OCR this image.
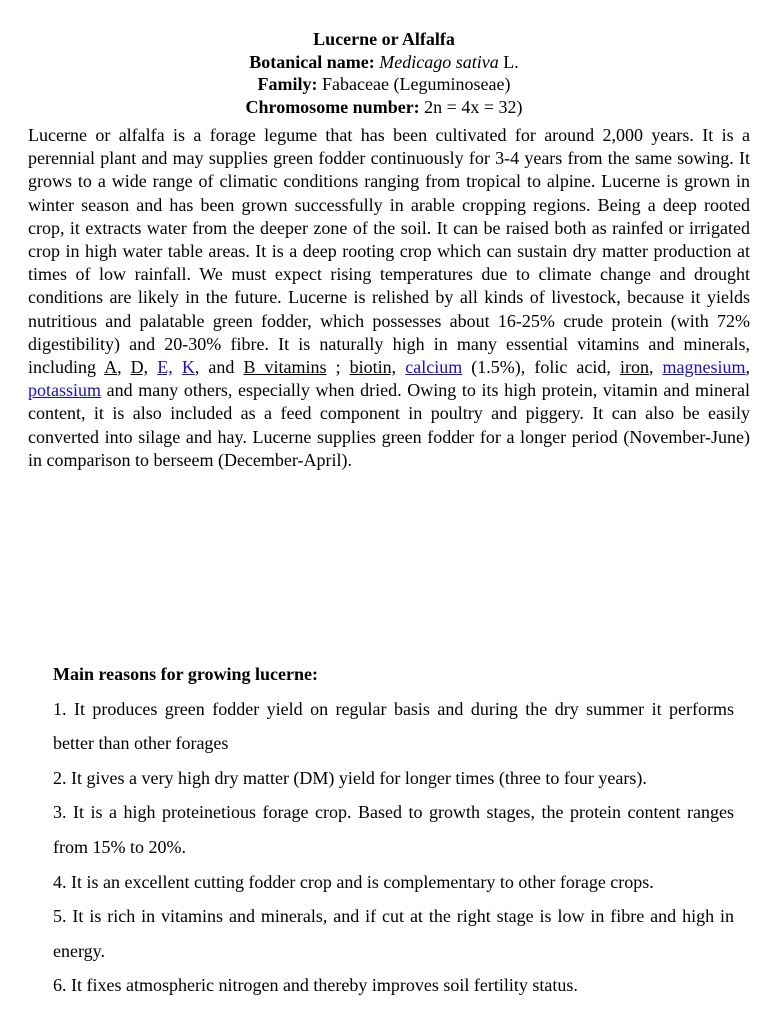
Lucerne or Alfalfa
Botanical name: Medicago sativa L.
Family: Fabaceae (Leguminoseae)
Chromosome number: 2n = 4x = 32)

Lucerne or alfalfa is a forage legume that has been cultivated for around 2,000 years. It is a perennial plant and may supplies green fodder continuously for 3-4 years from the same sowing. It grows to a wide range of climatic conditions ranging from tropical to alpine. Lucerne is grown in winter season and has been grown successfully in arable cropping regions. Being a deep rooted crop, it extracts water from the deeper zone of the soil. It can be raised both as rainfed or irrigated crop in high water table areas. It is a deep rooting crop which can sustain dry matter production at times of low rainfall. We must expect rising temperatures due to climate change and drought conditions are likely in the future. Lucerne is relished by all kinds of livestock, because it yields nutritious and palatable green fodder, which possesses about 16-25% crude protein (with 72% digestibility) and 20-30% fibre. It is naturally high in many essential vitamins and minerals, including A, D, E, K, and B vitamins ; biotin, calcium (1.5%), folic acid, iron, magnesium, potassium and many others, especially when dried. Owing to its high protein, vitamin and mineral content, it is also included as a feed component in poultry and piggery. It can also be easily converted into silage and hay. Lucerne supplies green fodder for a longer period (November-June) in comparison to berseem (December-April).

Main reasons for growing lucerne:

1. It produces green fodder yield on regular basis and during the dry summer it performs better than other forages

2. It gives a very high dry matter (DM) yield for longer times (three to four years).

3. It is a high proteinetious forage crop. Based to growth stages, the protein content ranges from 15% to 20%.

4. It is an excellent cutting fodder crop and is complementary to other forage crops.

5. It is rich in vitamins and minerals, and if cut at the right stage is low in fibre and high in energy.

6. It fixes atmospheric nitrogen and thereby improves soil fertility status.
